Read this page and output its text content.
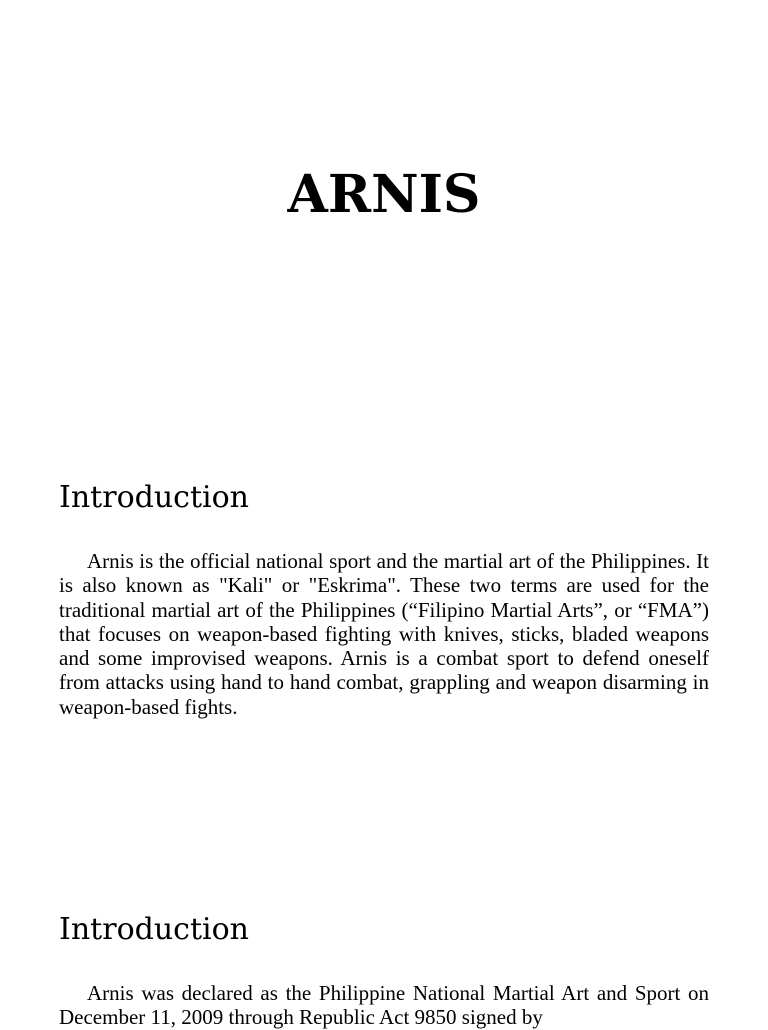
ARNIS
Introduction

Arnis is the official national sport and the martial art of the Philippines. It is also known as "Kali" or "Eskrima". These two terms are used for the traditional martial art of the Philippines (“Filipino Martial Arts”, or “FMA”) that focuses on weapon-based fighting with knives, sticks, bladed weapons and some improvised weapons. Arnis is a combat sport to defend oneself from attacks using hand to hand combat, grappling and weapon disarming in weapon-based fights.

Introduction

Arnis was declared as the Philippine National Martial Art and Sport on December 11, 2009 through Republic Act 9850 signed by
